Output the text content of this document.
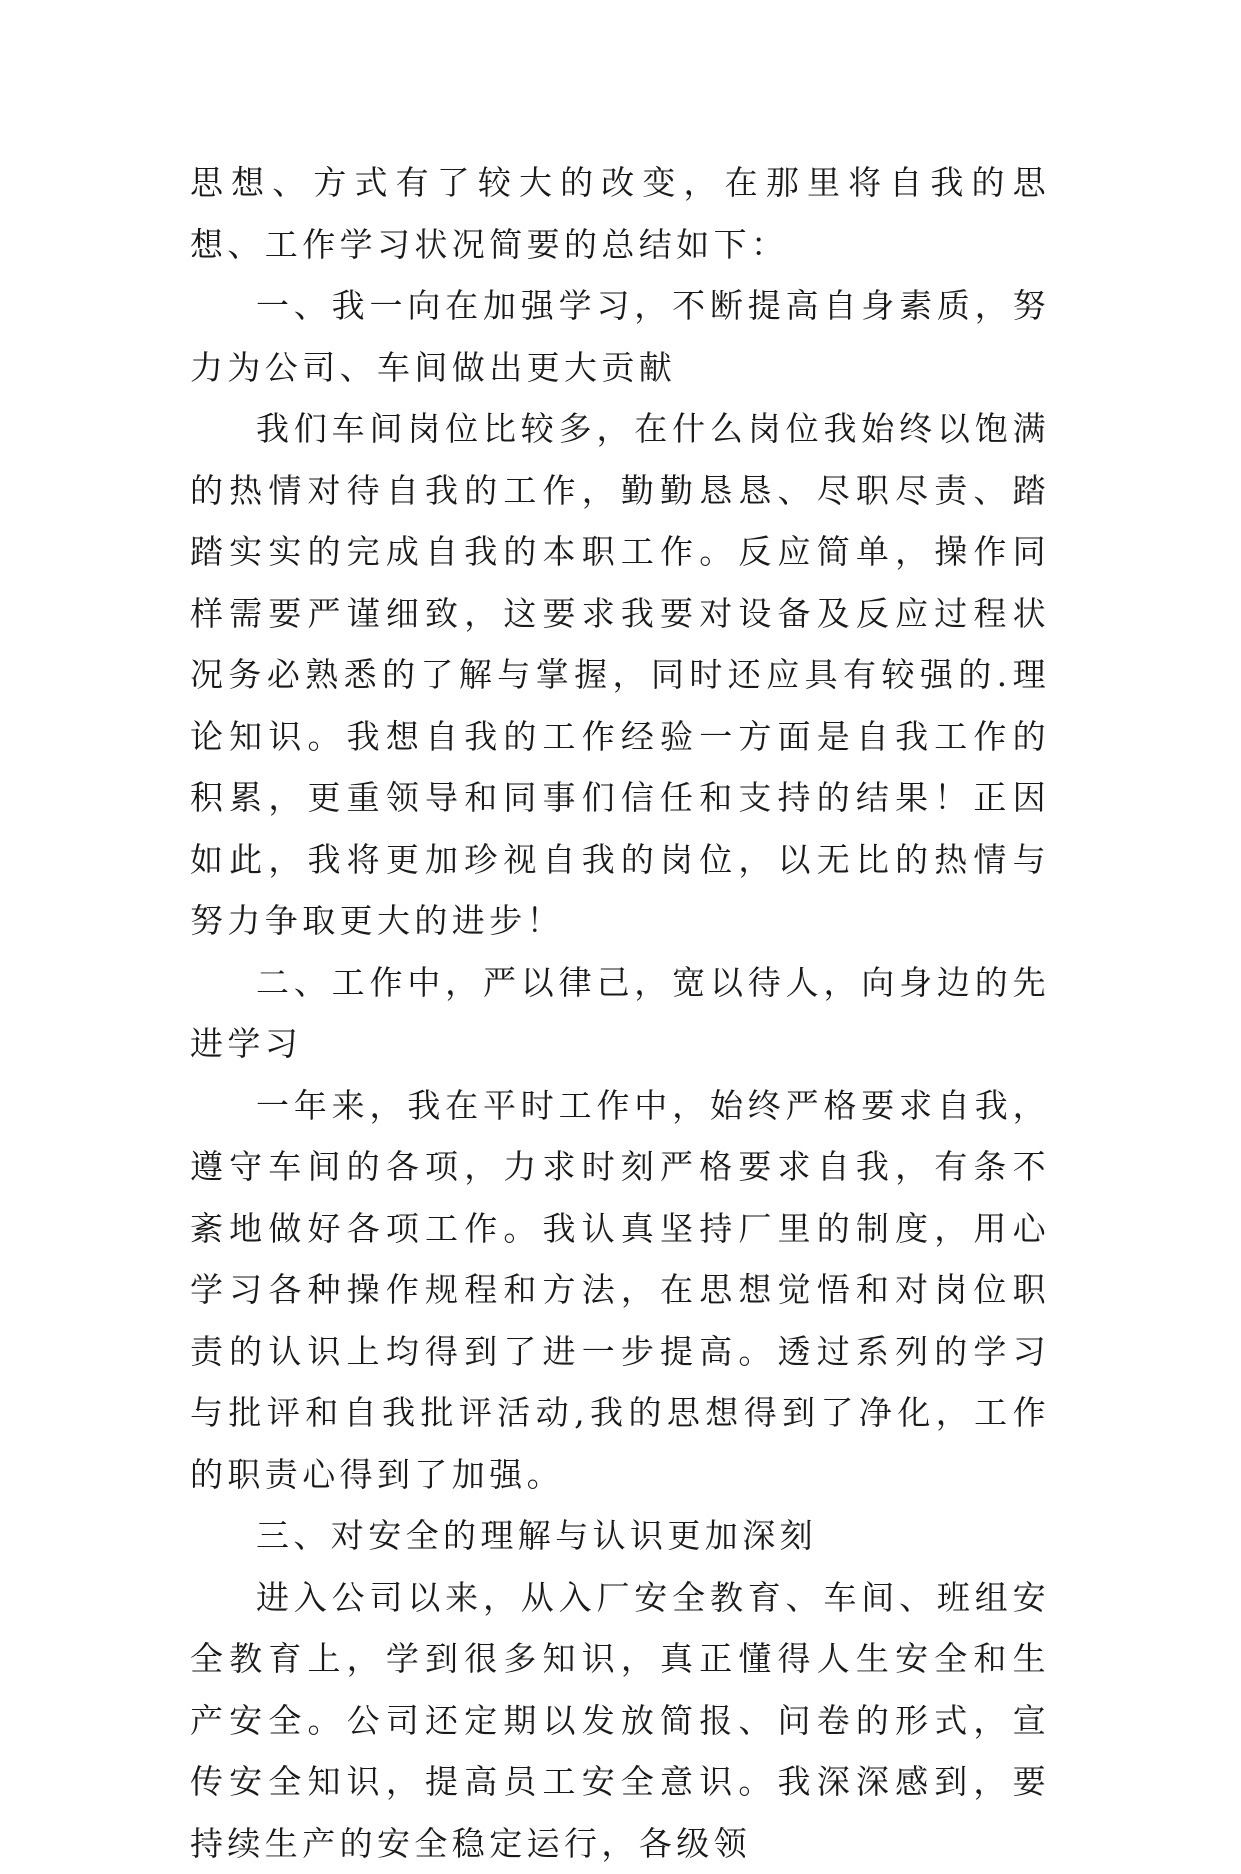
思想、方式有了较大的改变，在那里将自我的思想、工作学习状况简要的总结如下：

一、我一向在加强学习，不断提高自身素质，努力为公司、车间做出更大贡献

我们车间岗位比较多，在什么岗位我始终以饱满的热情对待自我的工作，勤勤恳恳、尽职尽责、踏踏实实的完成自我的本职工作。反应简单，操作同样需要严谨细致，这要求我要对设备及反应过程状况务必熟悉的了解与掌握，同时还应具有较强的.理论知识。我想自我的工作经验一方面是自我工作的积累，更重领导和同事们信任和支持的结果！正因如此，我将更加珍视自我的岗位，以无比的热情与努力争取更大的进步！

二、工作中，严以律己，宽以待人，向身边的先进学习

一年来，我在平时工作中，始终严格要求自我，遵守车间的各项，力求时刻严格要求自我，有条不紊地做好各项工作。我认真坚持厂里的制度，用心学习各种操作规程和方法，在思想觉悟和对岗位职责的认识上均得到了进一步提高。透过系列的学习与批评和自我批评活动,我的思想得到了净化，工作的职责心得到了加强。

三、对安全的理解与认识更加深刻

进入公司以来，从入厂安全教育、车间、班组安全教育上，学到很多知识，真正懂得人生安全和生产安全。公司还定期以发放简报、问卷的形式，宣传安全知识，提高员工安全意识。我深深感到，要持续生产的安全稳定运行，各级领
